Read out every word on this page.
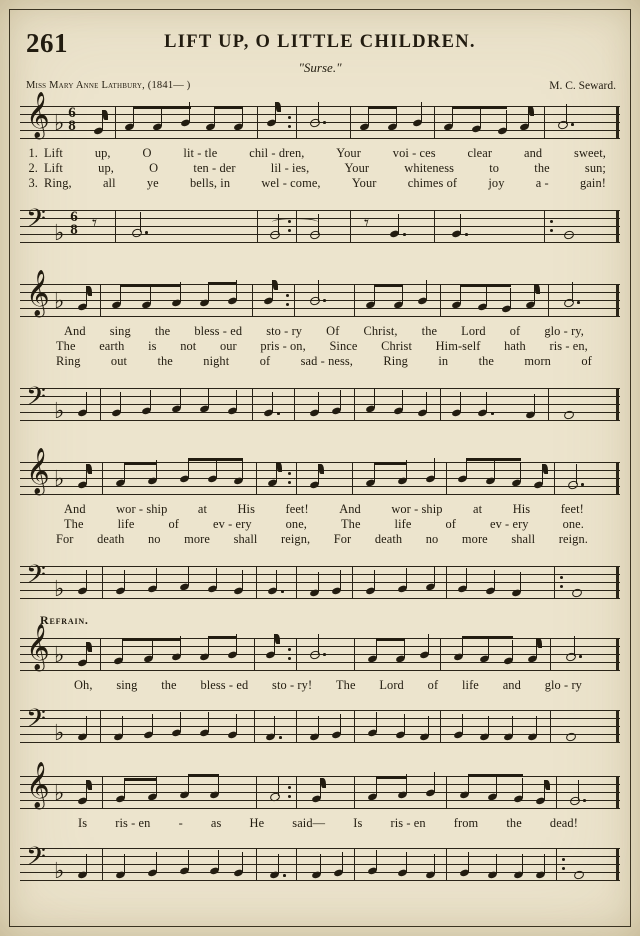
261	LIFT UP, O LITTLE CHILDREN.
"Surse."
Miss Mary Anne Lathbury, (1841— )	M. C. Seward.
𝄞 ♭ 6
8
1. Lift	up,	O	lit - tle	chil - dren,	Your	voi - ces	clear	and	sweet,
2. Lift	up,	O	ten - der	lil - ies,	Your	whiteness	to	the	sun;
3. Ring,	all	ye	bells, in	wel - come,	Your	chimes of	joy	a -	gain!
𝄢 ♭
6
8 𝄾	𝄾
𝄞 ♭
And sing the bless - ed sto - ry Of Christ, the Lord of glo - ry,
The earth is not our pris - on, Since Christ Him-self hath ris - en,
Ring out the night of sad - ness, Ring in the morn of
𝄢 ♭
𝄞 ♭
And wor - ship at His feet! And wor - ship at His feet!
The	life	of	ev - ery	one,	The	life	of	ev - ery	one.
For death no more shall reign, For death no more shall reign.
𝄢 ♭
Refrain.
𝄞 ♭
Oh, sing the bless - ed sto - ry! The Lord of life and glo - ry
𝄢 ♭
𝄞 ♭
Is ris - en - as He said— Is ris - en from the dead!
𝄢 ♭
